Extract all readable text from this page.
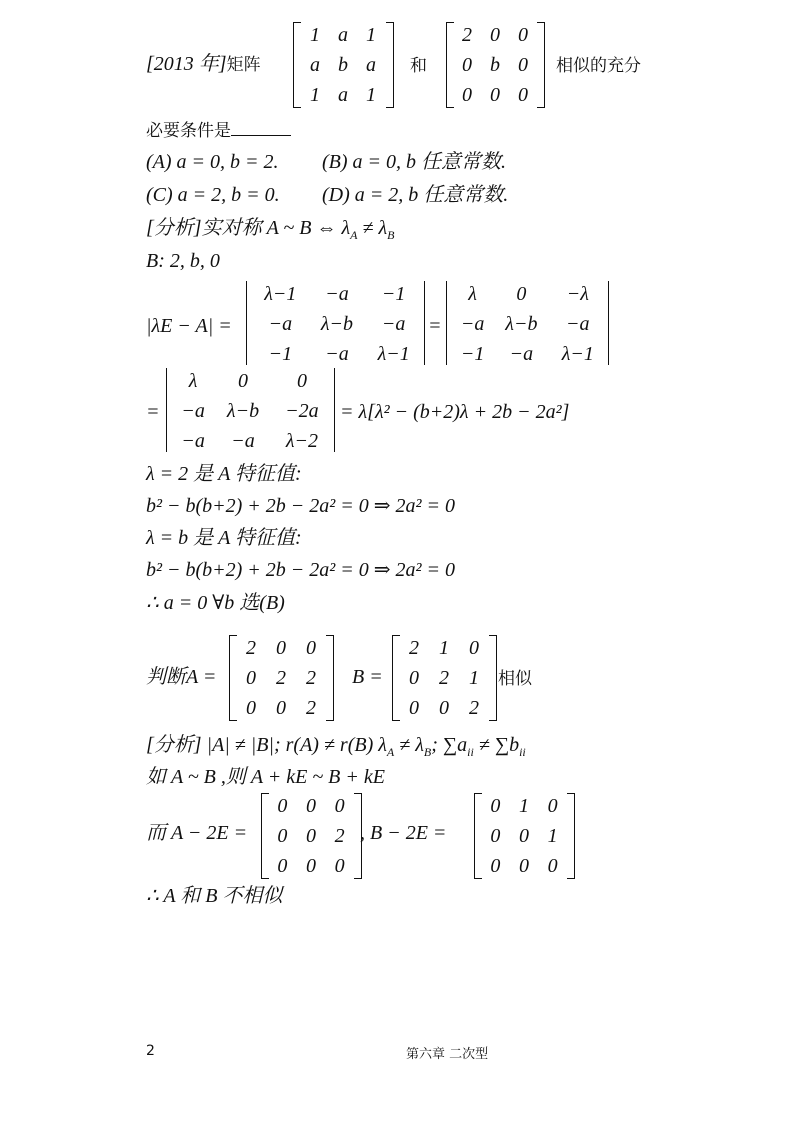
[2013 年]矩阵
1	a	1
a	b	a
1	a	1
和
2	0	0
0	b	0
0	0	0
相似的充分
必要条件是
(A) a = 0, b = 2. (B) a = 0, b 任意常数.
(C) a = 2, b = 0. (D) a = 2, b 任意常数.
[分析]实对称 A ~ B ⇔ $\lambda_A \ne \lambda_B$
B: 2, b, 0
|λE − A| =
λ−1	−a	−1
−a	λ−b	−a
−1	−a	λ−1
=
λ	0	−λ
−a	λ−b	−a
−1	−a	λ−1
=
λ	0	0
−a	λ−b	−2a
−a	−a	λ−2
= λ[λ² − (b+2)λ + 2b − 2a²]
λ = 2 是 A 特征值:
b² − b(b+2) + 2b − 2a² = 0 ⇒ 2a² = 0
λ = b 是 A 特征值:
b² − b(b+2) + 2b − 2a² = 0 ⇒ 2a² = 0
∴ a = 0 ∀b 选(B)
判断A =
2	0	0
0	2	2
0	0	2
B =
2	1	0
0	2	1
0	0	2
相似
[分析] |A| ≠ |B|; r(A) ≠ r(B) $\lambda_A \ne \lambda_B$; $\sum a_{ii} \ne \sum b_{ii}$
如 A ~ B ,则 A + kE ~ B + kE
而 A − 2E =
0	0	0
0	0	2
0	0	0
, B − 2E =
0	1	0
0	0	1
0	0	0
∴ A 和 B 不相似
2	第六章 二次型
